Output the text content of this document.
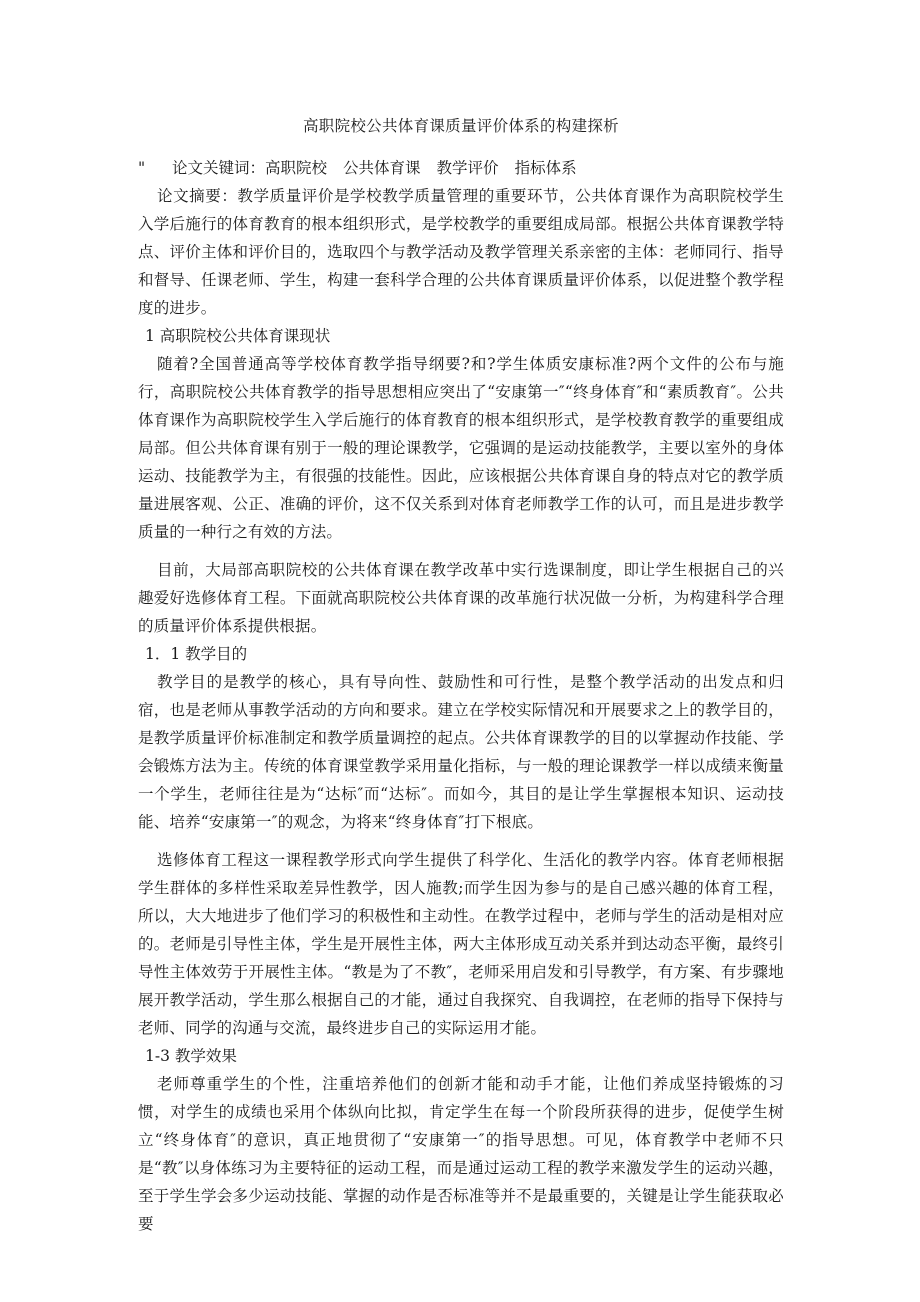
高职院校公共体育课质量评价体系的构建探析

" 论文关键词：高职院校 公共体育课 教学评价 指标体系

论文摘要：教学质量评价是学校教学质量管理的重要环节，公共体育课作为高职院校学生入学后施行的体育教育的根本组织形式，是学校教学的重要组成局部。根据公共体育课教学特点、评价主体和评价目的，选取四个与教学活动及教学管理关系亲密的主体：老师同行、指导和督导、任课老师、学生，构建一套科学合理的公共体育课质量评价体系，以促进整个教学程度的进步。

1 高职院校公共体育课现状

随着?全国普通高等学校体育教学指导纲要?和?学生体质安康标准?两个文件的公布与施行，高职院校公共体育教学的指导思想相应突出了“安康第一″“终身体育″和“素质教育″。公共体育课作为高职院校学生入学后施行的体育教育的根本组织形式，是学校教育教学的重要组成局部。但公共体育课有别于一般的理论课教学，它强调的是运动技能教学，主要以室外的身体运动、技能教学为主，有很强的技能性。因此，应该根据公共体育课自身的特点对它的教学质量进展客观、公正、准确的评价，这不仅关系到对体育老师教学工作的认可，而且是进步教学质量的一种行之有效的方法。

目前，大局部高职院校的公共体育课在教学改革中实行选课制度，即让学生根据自己的兴趣爱好选修体育工程。下面就高职院校公共体育课的改革施行状况做一分析，为构建科学合理的质量评价体系提供根据。

1．1 教学目的

教学目的是教学的核心，具有导向性、鼓励性和可行性，是整个教学活动的出发点和归宿，也是老师从事教学活动的方向和要求。建立在学校实际情况和开展要求之上的教学目的，是教学质量评价标准制定和教学质量调控的起点。公共体育课教学的目的以掌握动作技能、学会锻炼方法为主。传统的体育课堂教学采用量化指标，与一般的理论课教学一样以成绩来衡量一个学生，老师往往是为“达标″而“达标″。而如今，其目的是让学生掌握根本知识、运动技能、培养“安康第一″的观念，为将来“终身体育″打下根底。

选修体育工程这一课程教学形式向学生提供了科学化、生活化的教学内容。体育老师根据学生群体的多样性采取差异性教学，因人施教;而学生因为参与的是自己感兴趣的体育工程，所以，大大地进步了他们学习的积极性和主动性。在教学过程中，老师与学生的活动是相对应的。老师是引导性主体，学生是开展性主体，两大主体形成互动关系并到达动态平衡，最终引导性主体效劳于开展性主体。“教是为了不教″，老师采用启发和引导教学，有方案、有步骤地展开教学活动，学生那么根据自己的才能，通过自我探究、自我调控，在老师的指导下保持与老师、同学的沟通与交流，最终进步自己的实际运用才能。

1-3 教学效果

老师尊重学生的个性，注重培养他们的创新才能和动手才能，让他们养成坚持锻炼的习惯，对学生的成绩也采用个体纵向比拟，肯定学生在每一个阶段所获得的进步，促使学生树立“终身体育″的意识，真正地贯彻了“安康第一″的指导思想。可见，体育教学中老师不只是“教″以身体练习为主要特征的运动工程，而是通过运动工程的教学来激发学生的运动兴趣，至于学生学会多少运动技能、掌握的动作是否标准等并不是最重要的，关键是让学生能获取必要
